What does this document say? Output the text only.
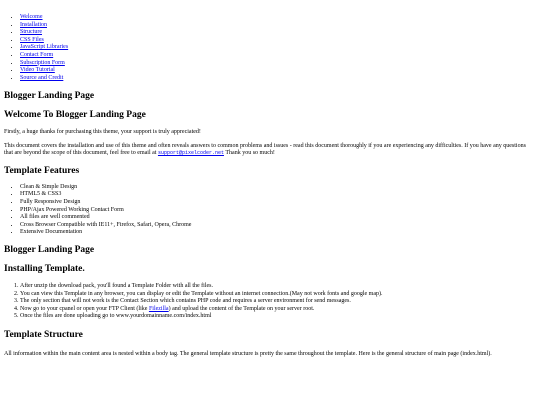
• Welcome
• Installation
• Structure
• CSS Files
• JavaScript Libraries
• Contact Form
• Subscription Form
• Video Tutorial
• Source and Credit
Blogger Landing Page
Welcome To Blogger Landing Page

Firstly, a huge thanks for purchasing this theme, your support is truly appreciated!

This document covers the installation and use of this theme and often reveals answers to common problems and issues - read this document thoroughly if you are experiencing any difficulties. If you have any questions that are beyond the scope of this document, feel free to email at support@pixelcoder.net Thank you so much!

Template Features
• Clean & Simple Design
• HTML5 & CSS3
• Fully Responsive Design
• PHP/Ajax Powered Working Contact Form
• All files are well commented
• Cross Browser Compatible with IE11+, Firefox, Safari, Opera, Chrome
• Extensive Documentation
Blogger Landing Page
Installing Template.
1. After unzip the download pack, you'll found a Template Folder with all the files.
2. You can view this Template in any browser, you can display or edit the Template without an internet connection.(May not work fonts and google map).
3. The only section that will not work is the Contact Section which contains PHP code and requires a server environment for send messages.
4. Now go to your cpanel or open your FTP Client (like Filezilla) and upload the content of the Template on your server root.
5. Once the files are done uploading go to www.yourdomainname.com/index.html
Template Structure

All information within the main content area is nested within a body tag. The general template structure is pretty the same throughout the template. Here is the general structure of main page (index.html).
